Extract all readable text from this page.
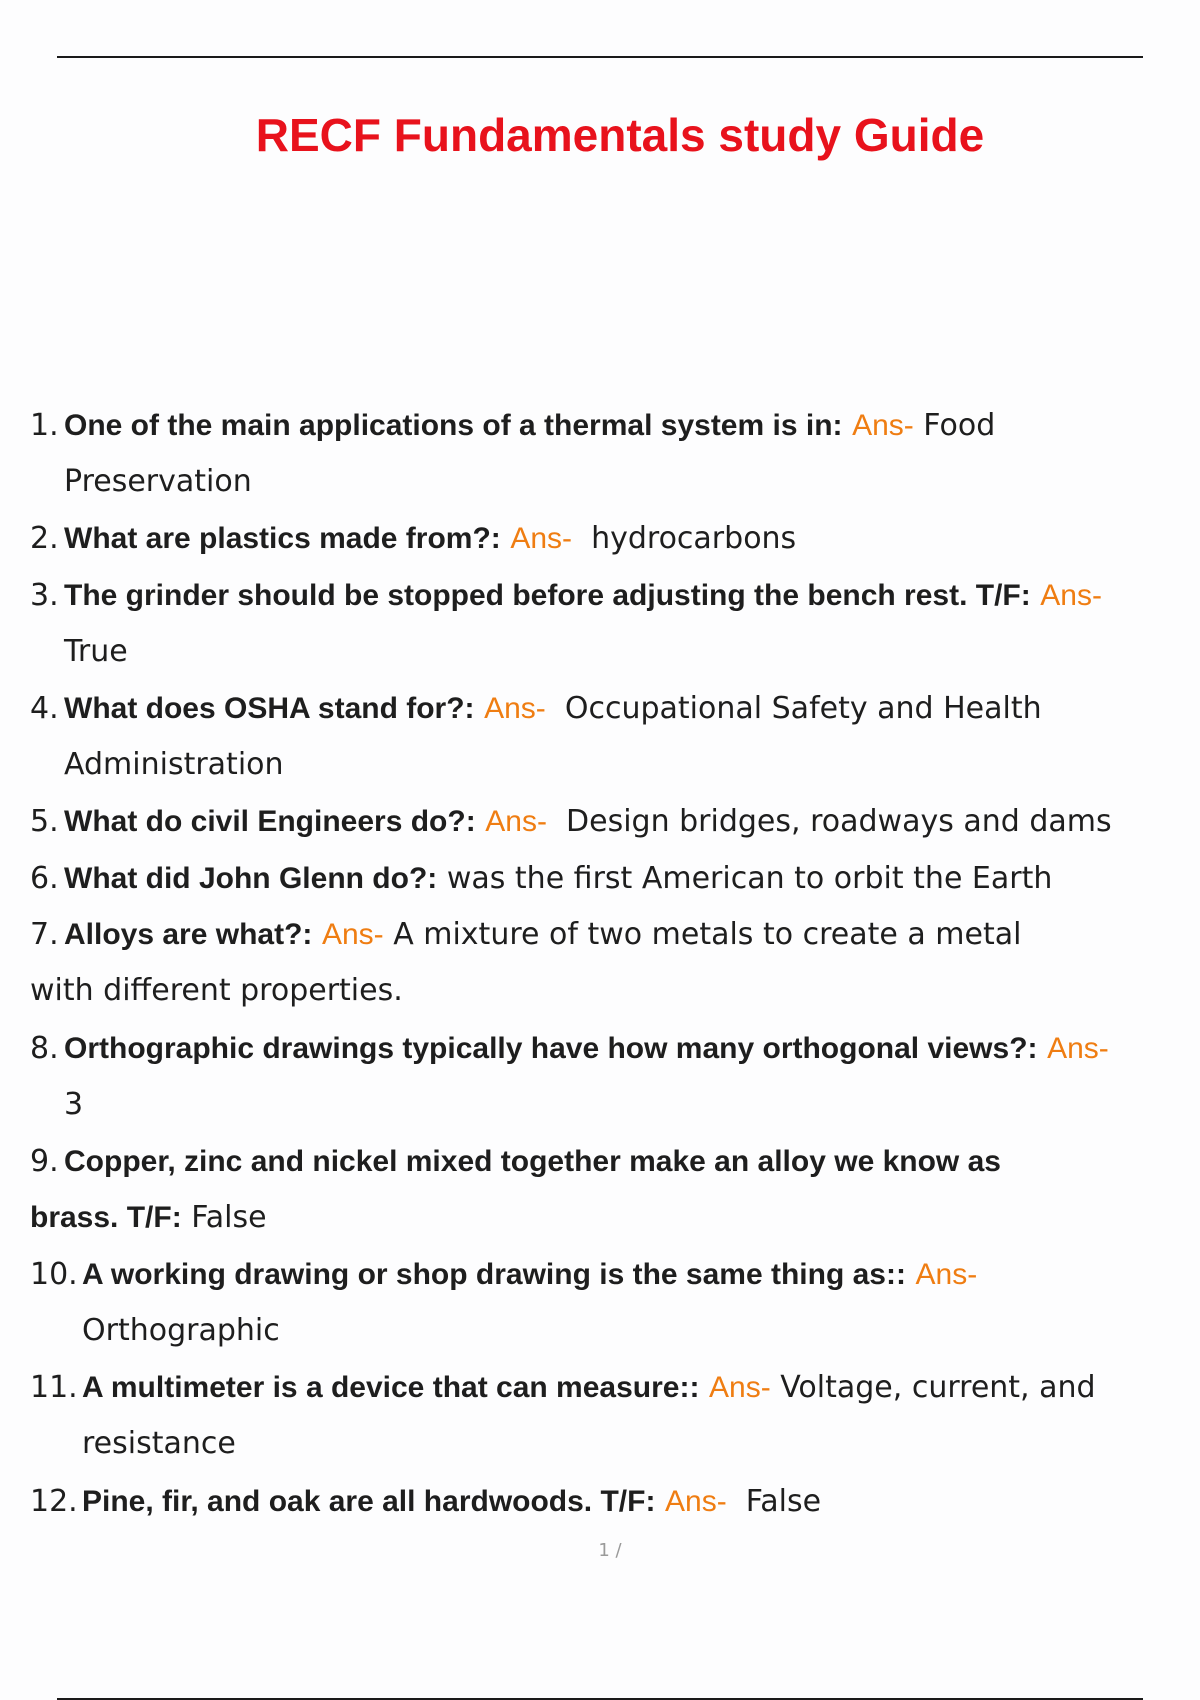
RECF Fundamentals study Guide
1. One of the main applications of a thermal system is in: Ans- Food
Preservation
2. What are plastics made from?: Ans- hydrocarbons
3. The grinder should be stopped before adjusting the bench rest. T/F: Ans-
True
4. What does OSHA stand for?: Ans- Occupational Safety and Health
Administration
5. What do civil Engineers do?: Ans- Design bridges, roadways and dams
6. What did John Glenn do?: was the first American to orbit the Earth
7. Alloys are what?: Ans- A mixture of two metals to create a metal
with different properties.
8. Orthographic drawings typically have how many orthogonal views?: Ans-
3
9. Copper, zinc and nickel mixed together make an alloy we know as
brass. T/F: False
10. A working drawing or shop drawing is the same thing as:: Ans-
Orthographic
11. A multimeter is a device that can measure:: Ans- Voltage, current, and
resistance
12. Pine, fir, and oak are all hardwoods. T/F: Ans- False
1 /
